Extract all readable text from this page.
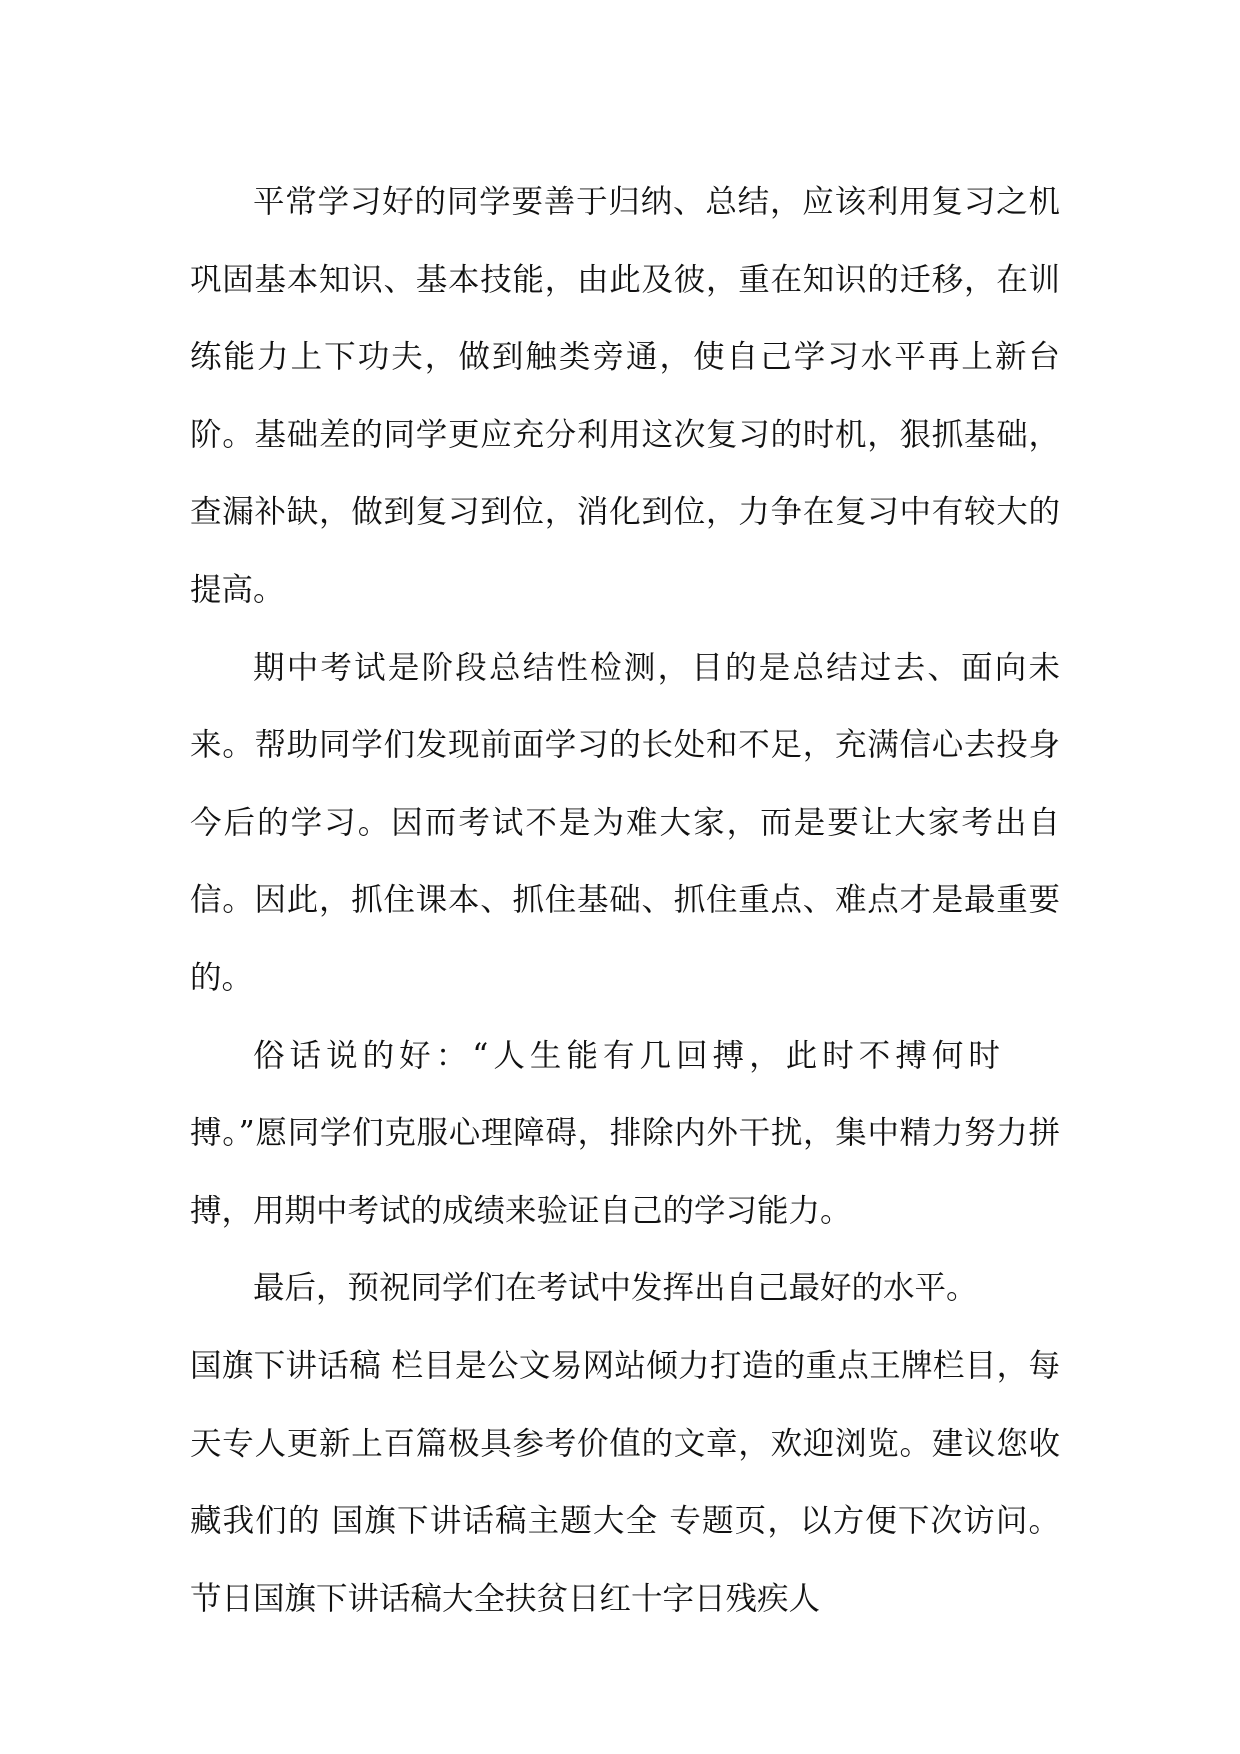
平常学习好的同学要善于归纳、总结，应该利用复习之机巩固基本知识、基本技能，由此及彼，重在知识的迁移，在训练能力上下功夫，做到触类旁通，使自己学习水平再上新台阶。基础差的同学更应充分利用这次复习的时机，狠抓基础，查漏补缺，做到复习到位，消化到位，力争在复习中有较大的提高。

期中考试是阶段总结性检测，目的是总结过去、面向未来。帮助同学们发现前面学习的长处和不足，充满信心去投身今后的学习。因而考试不是为难大家，而是要让大家考出自信。因此，抓住课本、抓住基础、抓住重点、难点才是最重要的。

俗话说的好：“人生能有几回搏，此时不搏何时

搏。”愿同学们克服心理障碍，排除内外干扰，集中精力努力拼搏，用期中考试的成绩来验证自己的学习能力。

最后，预祝同学们在考试中发挥出自己最好的水平。

国旗下讲话稿 栏目是公文易网站倾力打造的重点王牌栏目，每天专人更新上百篇极具参考价值的文章，欢迎浏览。建议您收藏我们的 国旗下讲话稿主题大全 专题页，以方便下次访问。节日国旗下讲话稿大全扶贫日红十字日残疾人
